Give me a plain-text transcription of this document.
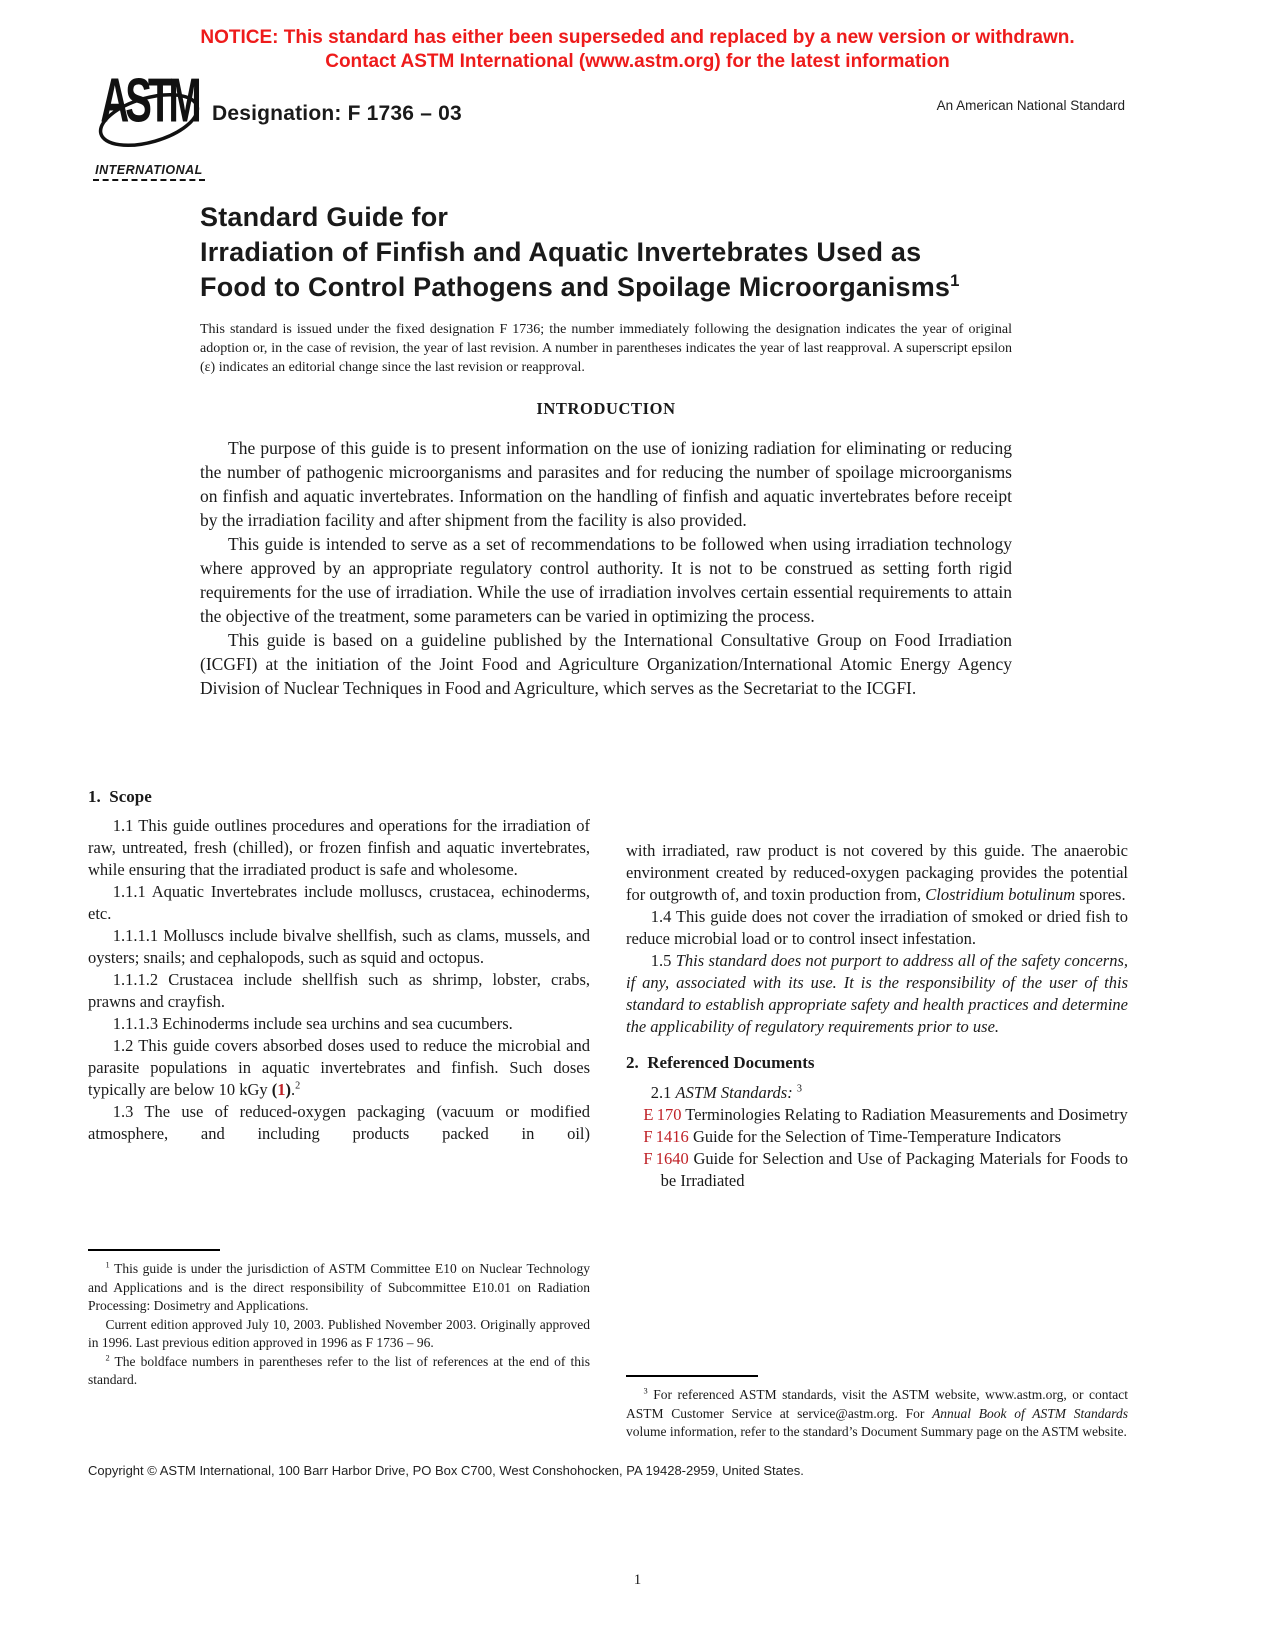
NOTICE: This standard has either been superseded and replaced by a new version or withdrawn.
Contact ASTM International (www.astm.org) for the latest information
ASTM
INTERNATIONAL
Designation: F 1736 – 03	An American National Standard
Standard Guide for
Irradiation of Finfish and Aquatic Invertebrates Used as
Food to Control Pathogens and Spoilage Microorganisms$^1$
This standard is issued under the fixed designation F 1736; the number immediately following the designation indicates the year of original adoption or, in the case of revision, the year of last revision. A number in parentheses indicates the year of last reapproval. A superscript epsilon (ε) indicates an editorial change since the last revision or reapproval.
INTRODUCTION

The purpose of this guide is to present information on the use of ionizing radiation for eliminating or reducing the number of pathogenic microorganisms and parasites and for reducing the number of spoilage microorganisms on finfish and aquatic invertebrates. Information on the handling of finfish and aquatic invertebrates before receipt by the irradiation facility and after shipment from the facility is also provided.

This guide is intended to serve as a set of recommendations to be followed when using irradiation technology where approved by an appropriate regulatory control authority. It is not to be construed as setting forth rigid requirements for the use of irradiation. While the use of irradiation involves certain essential requirements to attain the objective of the treatment, some parameters can be varied in optimizing the process.

This guide is based on a guideline published by the International Consultative Group on Food Irradiation (ICGFI) at the initiation of the Joint Food and Agriculture Organization/International Atomic Energy Agency Division of Nuclear Techniques in Food and Agriculture, which serves as the Secretariat to the ICGFI.

1. Scope

1.1 This guide outlines procedures and operations for the irradiation of raw, untreated, fresh (chilled), or frozen finfish and aquatic invertebrates, while ensuring that the irradiated product is safe and wholesome.

1.1.1 Aquatic Invertebrates include molluscs, crustacea, echinoderms, etc.

1.1.1.1 Molluscs include bivalve shellfish, such as clams, mussels, and oysters; snails; and cephalopods, such as squid and octopus.

1.1.1.2 Crustacea include shellfish such as shrimp, lobster, crabs, prawns and crayfish.

1.1.1.3 Echinoderms include sea urchins and sea cucumbers.

1.2 This guide covers absorbed doses used to reduce the microbial and parasite populations in aquatic invertebrates and finfish. Such doses typically are below 10 kGy (1).$^2$

1.3 The use of reduced-oxygen packaging (vacuum or modified atmosphere, and including products packed in oil)

$^1$ This guide is under the jurisdiction of ASTM Committee E10 on Nuclear Technology and Applications and is the direct responsibility of Subcommittee E10.01 on Radiation Processing: Dosimetry and Applications.

Current edition approved July 10, 2003. Published November 2003. Originally approved in 1996. Last previous edition approved in 1996 as F 1736 – 96.

$^2$ The boldface numbers in parentheses refer to the list of references at the end of this standard.

with irradiated, raw product is not covered by this guide. The anaerobic environment created by reduced-oxygen packaging provides the potential for outgrowth of, and toxin production from, Clostridium botulinum spores.

1.4 This guide does not cover the irradiation of smoked or dried fish to reduce microbial load or to control insect infestation.

1.5 This standard does not purport to address all of the safety concerns, if any, associated with its use. It is the responsibility of the user of this standard to establish appropriate safety and health practices and determine the applicability of regulatory requirements prior to use.

2. Referenced Documents

2.1 ASTM Standards: $^3$

E 170 Terminologies Relating to Radiation Measurements and Dosimetry

F 1416 Guide for the Selection of Time-Temperature Indicators

F 1640 Guide for Selection and Use of Packaging Materials for Foods to be Irradiated

$^3$ For referenced ASTM standards, visit the ASTM website, www.astm.org, or contact ASTM Customer Service at service@astm.org. For Annual Book of ASTM Standards volume information, refer to the standard’s Document Summary page on the ASTM website.

Copyright © ASTM International, 100 Barr Harbor Drive, PO Box C700, West Conshohocken, PA 19428-2959, United States.
1
